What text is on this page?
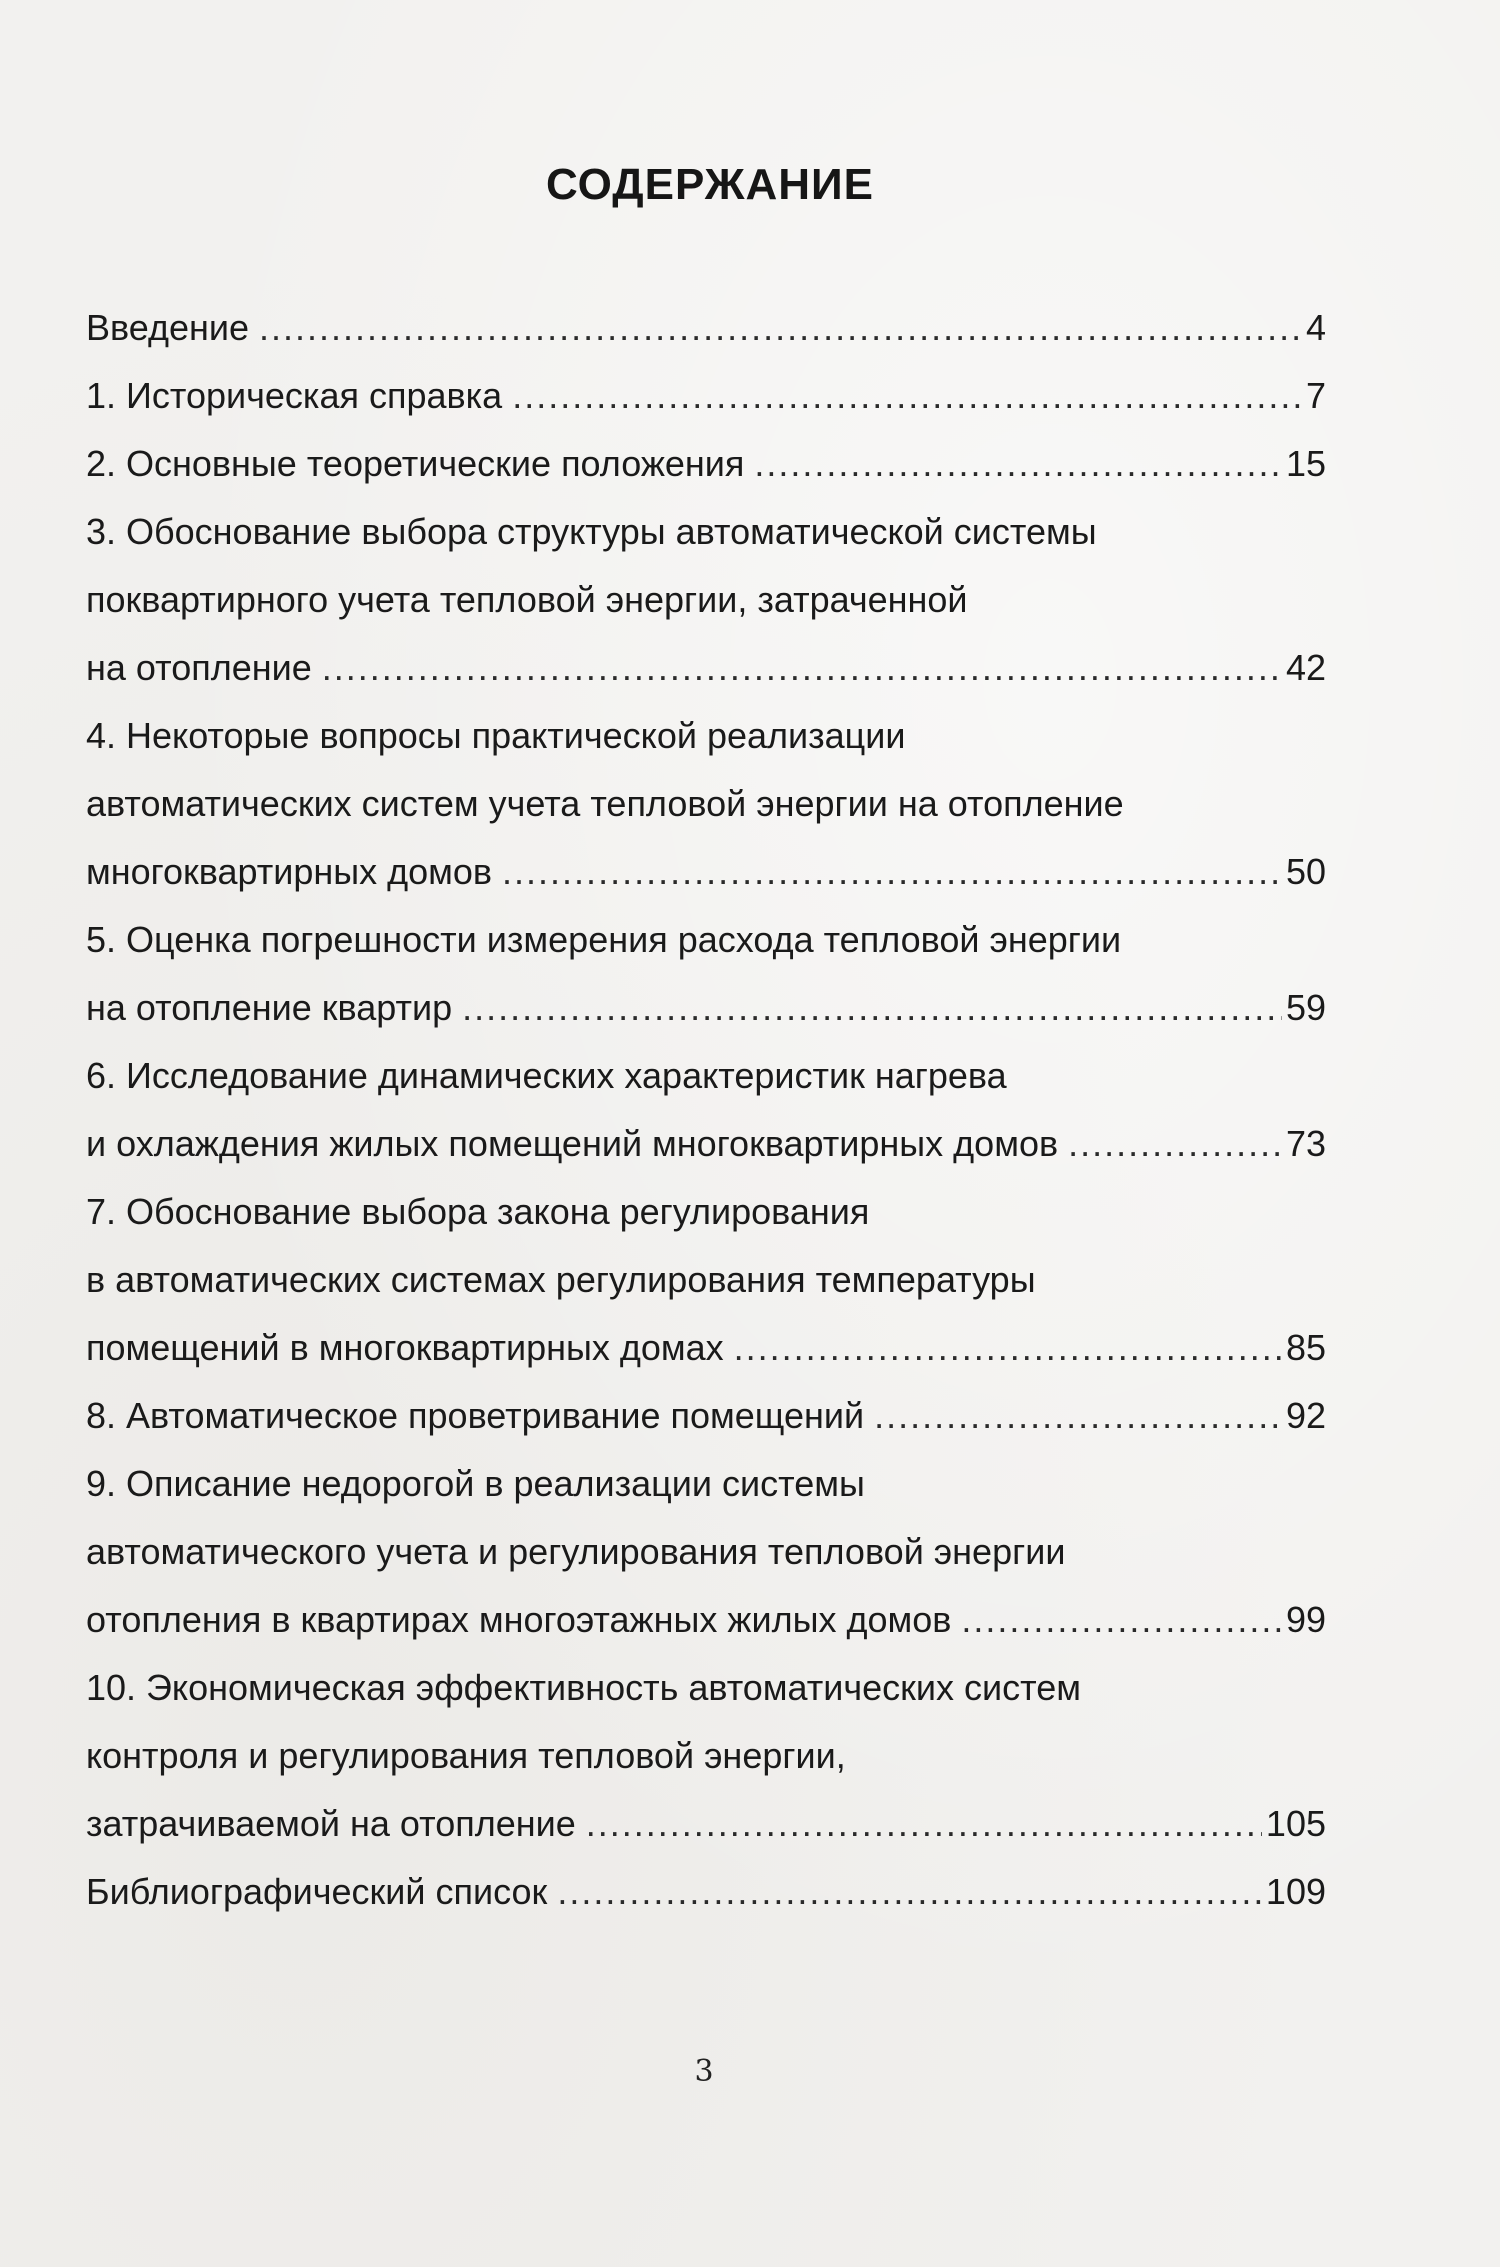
СОДЕРЖАНИЕ
Введение .....	4
1. Историческая справка .....	7
2. Основные теоретические положения .....	15
3. Обоснование выбора структуры автоматической системы
поквартирного учета тепловой энергии, затраченной
на отопление .....	42
4. Некоторые вопросы практической реализации
автоматических систем учета тепловой энергии на отопление
многоквартирных домов .....	50
5. Оценка погрешности измерения расхода тепловой энергии
на отопление квартир .....	59
6. Исследование динамических характеристик нагрева
и охлаждения жилых помещений многоквартирных домов .....	73
7. Обоснование выбора закона регулирования
в автоматических системах регулирования температуры
помещений в многоквартирных домах .....	85
8. Автоматическое проветривание помещений .....	92
9. Описание недорогой в реализации системы
автоматического учета и регулирования тепловой энергии
отопления в квартирах многоэтажных жилых домов .....	99
10. Экономическая эффективность автоматических систем
контроля и регулирования тепловой энергии,
затрачиваемой на отопление .....	105
Библиографический список .....	109
3
